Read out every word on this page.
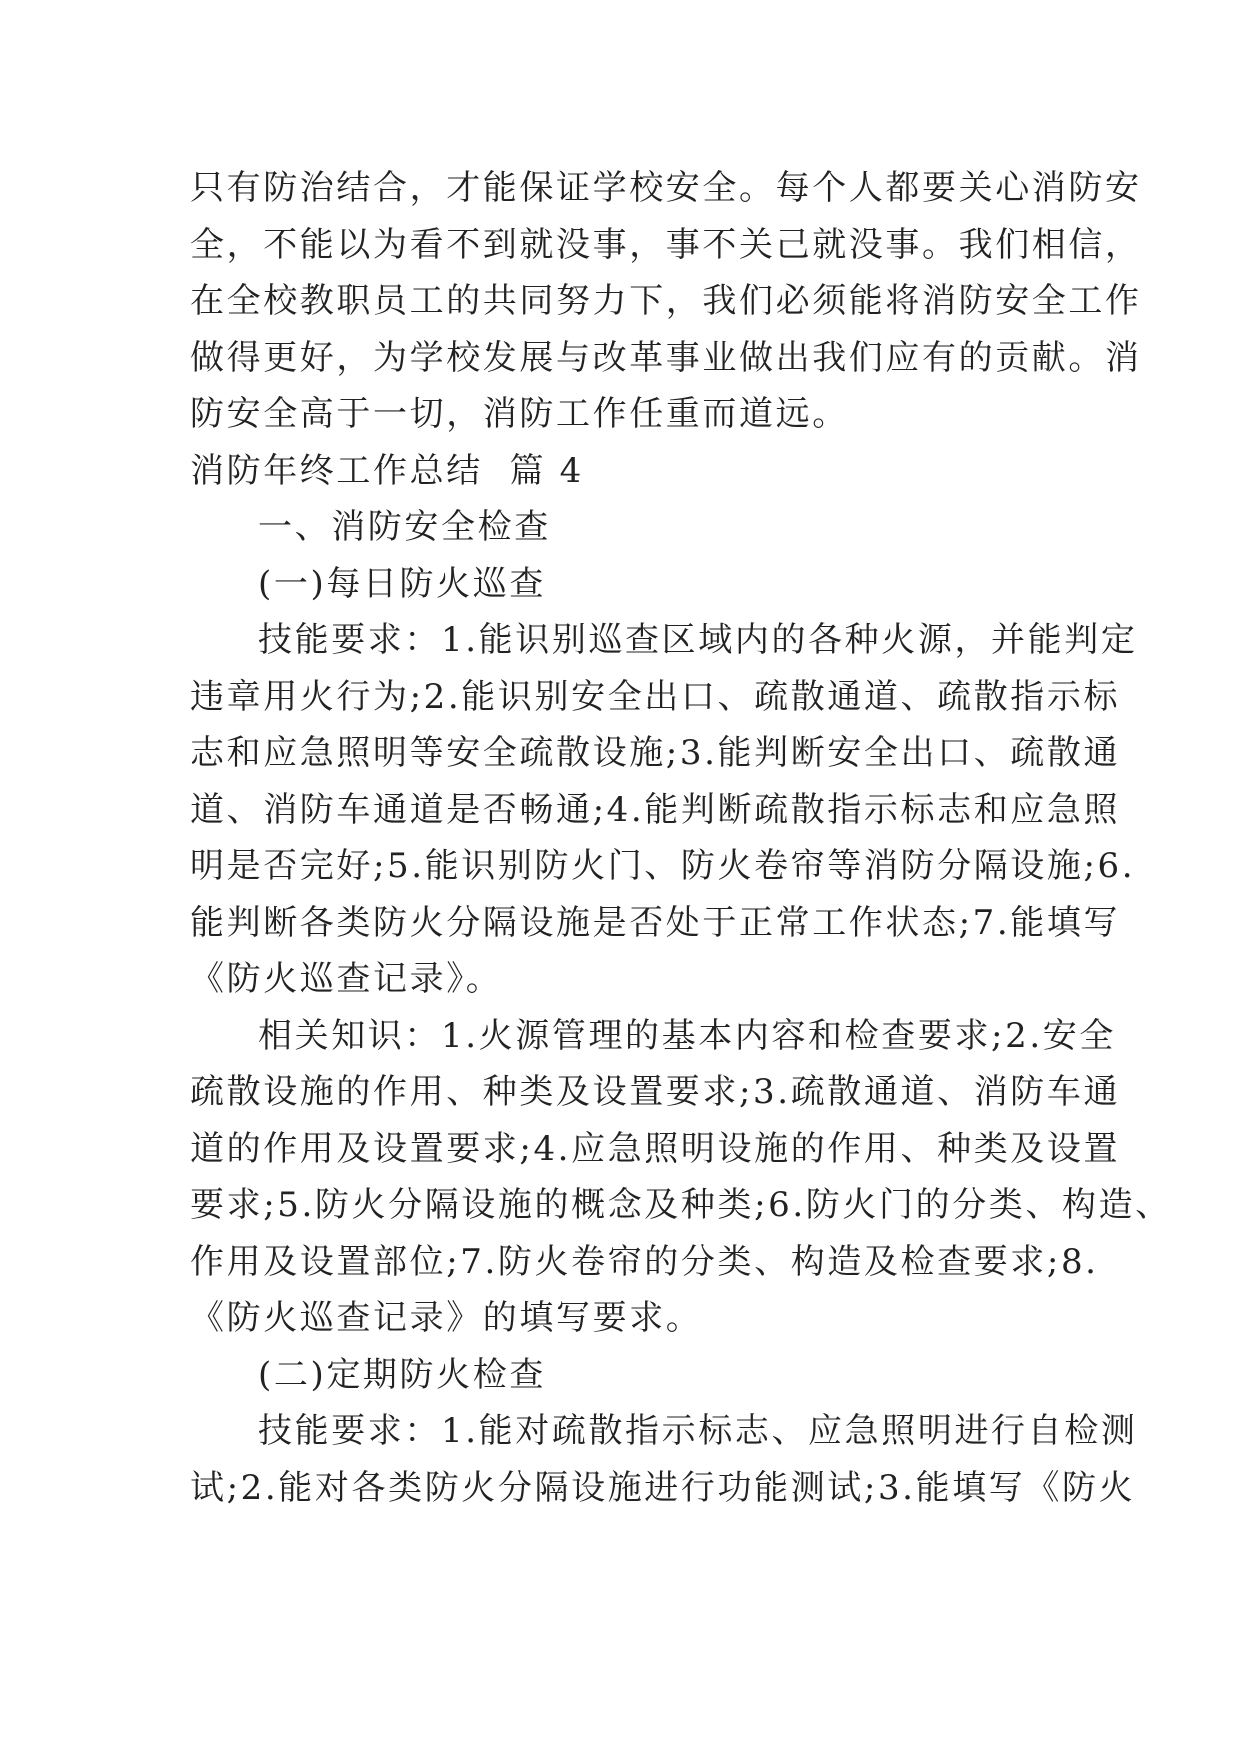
只有防治结合，才能保证学校安全。每个人都要关心消防安
全，不能以为看不到就没事，事不关己就没事。我们相信，
在全校教职员工的共同努力下，我们必须能将消防安全工作
做得更好，为学校发展与改革事业做出我们应有的贡献。消
防安全高于一切，消防工作任重而道远。

消防年终工作总结  篇 4

一、消防安全检查

(一)每日防火巡查

技能要求：1.能识别巡查区域内的各种火源，并能判定
违章用火行为;2.能识别安全出口、疏散通道、疏散指示标
志和应急照明等安全疏散设施;3.能判断安全出口、疏散通
道、消防车通道是否畅通;4.能判断疏散指示标志和应急照
明是否完好;5.能识别防火门、防火卷帘等消防分隔设施;6.
能判断各类防火分隔设施是否处于正常工作状态;7.能填写
《防火巡查记录》。

相关知识：1.火源管理的基本内容和检查要求;2.安全
疏散设施的作用、种类及设置要求;3.疏散通道、消防车通
道的作用及设置要求;4.应急照明设施的作用、种类及设置
要求;5.防火分隔设施的概念及种类;6.防火门的分类、构造、
作用及设置部位;7.防火卷帘的分类、构造及检查要求;8.
《防火巡查记录》的填写要求。

(二)定期防火检查

技能要求：1.能对疏散指示标志、应急照明进行自检测
试;2.能对各类防火分隔设施进行功能测试;3.能填写《防火
